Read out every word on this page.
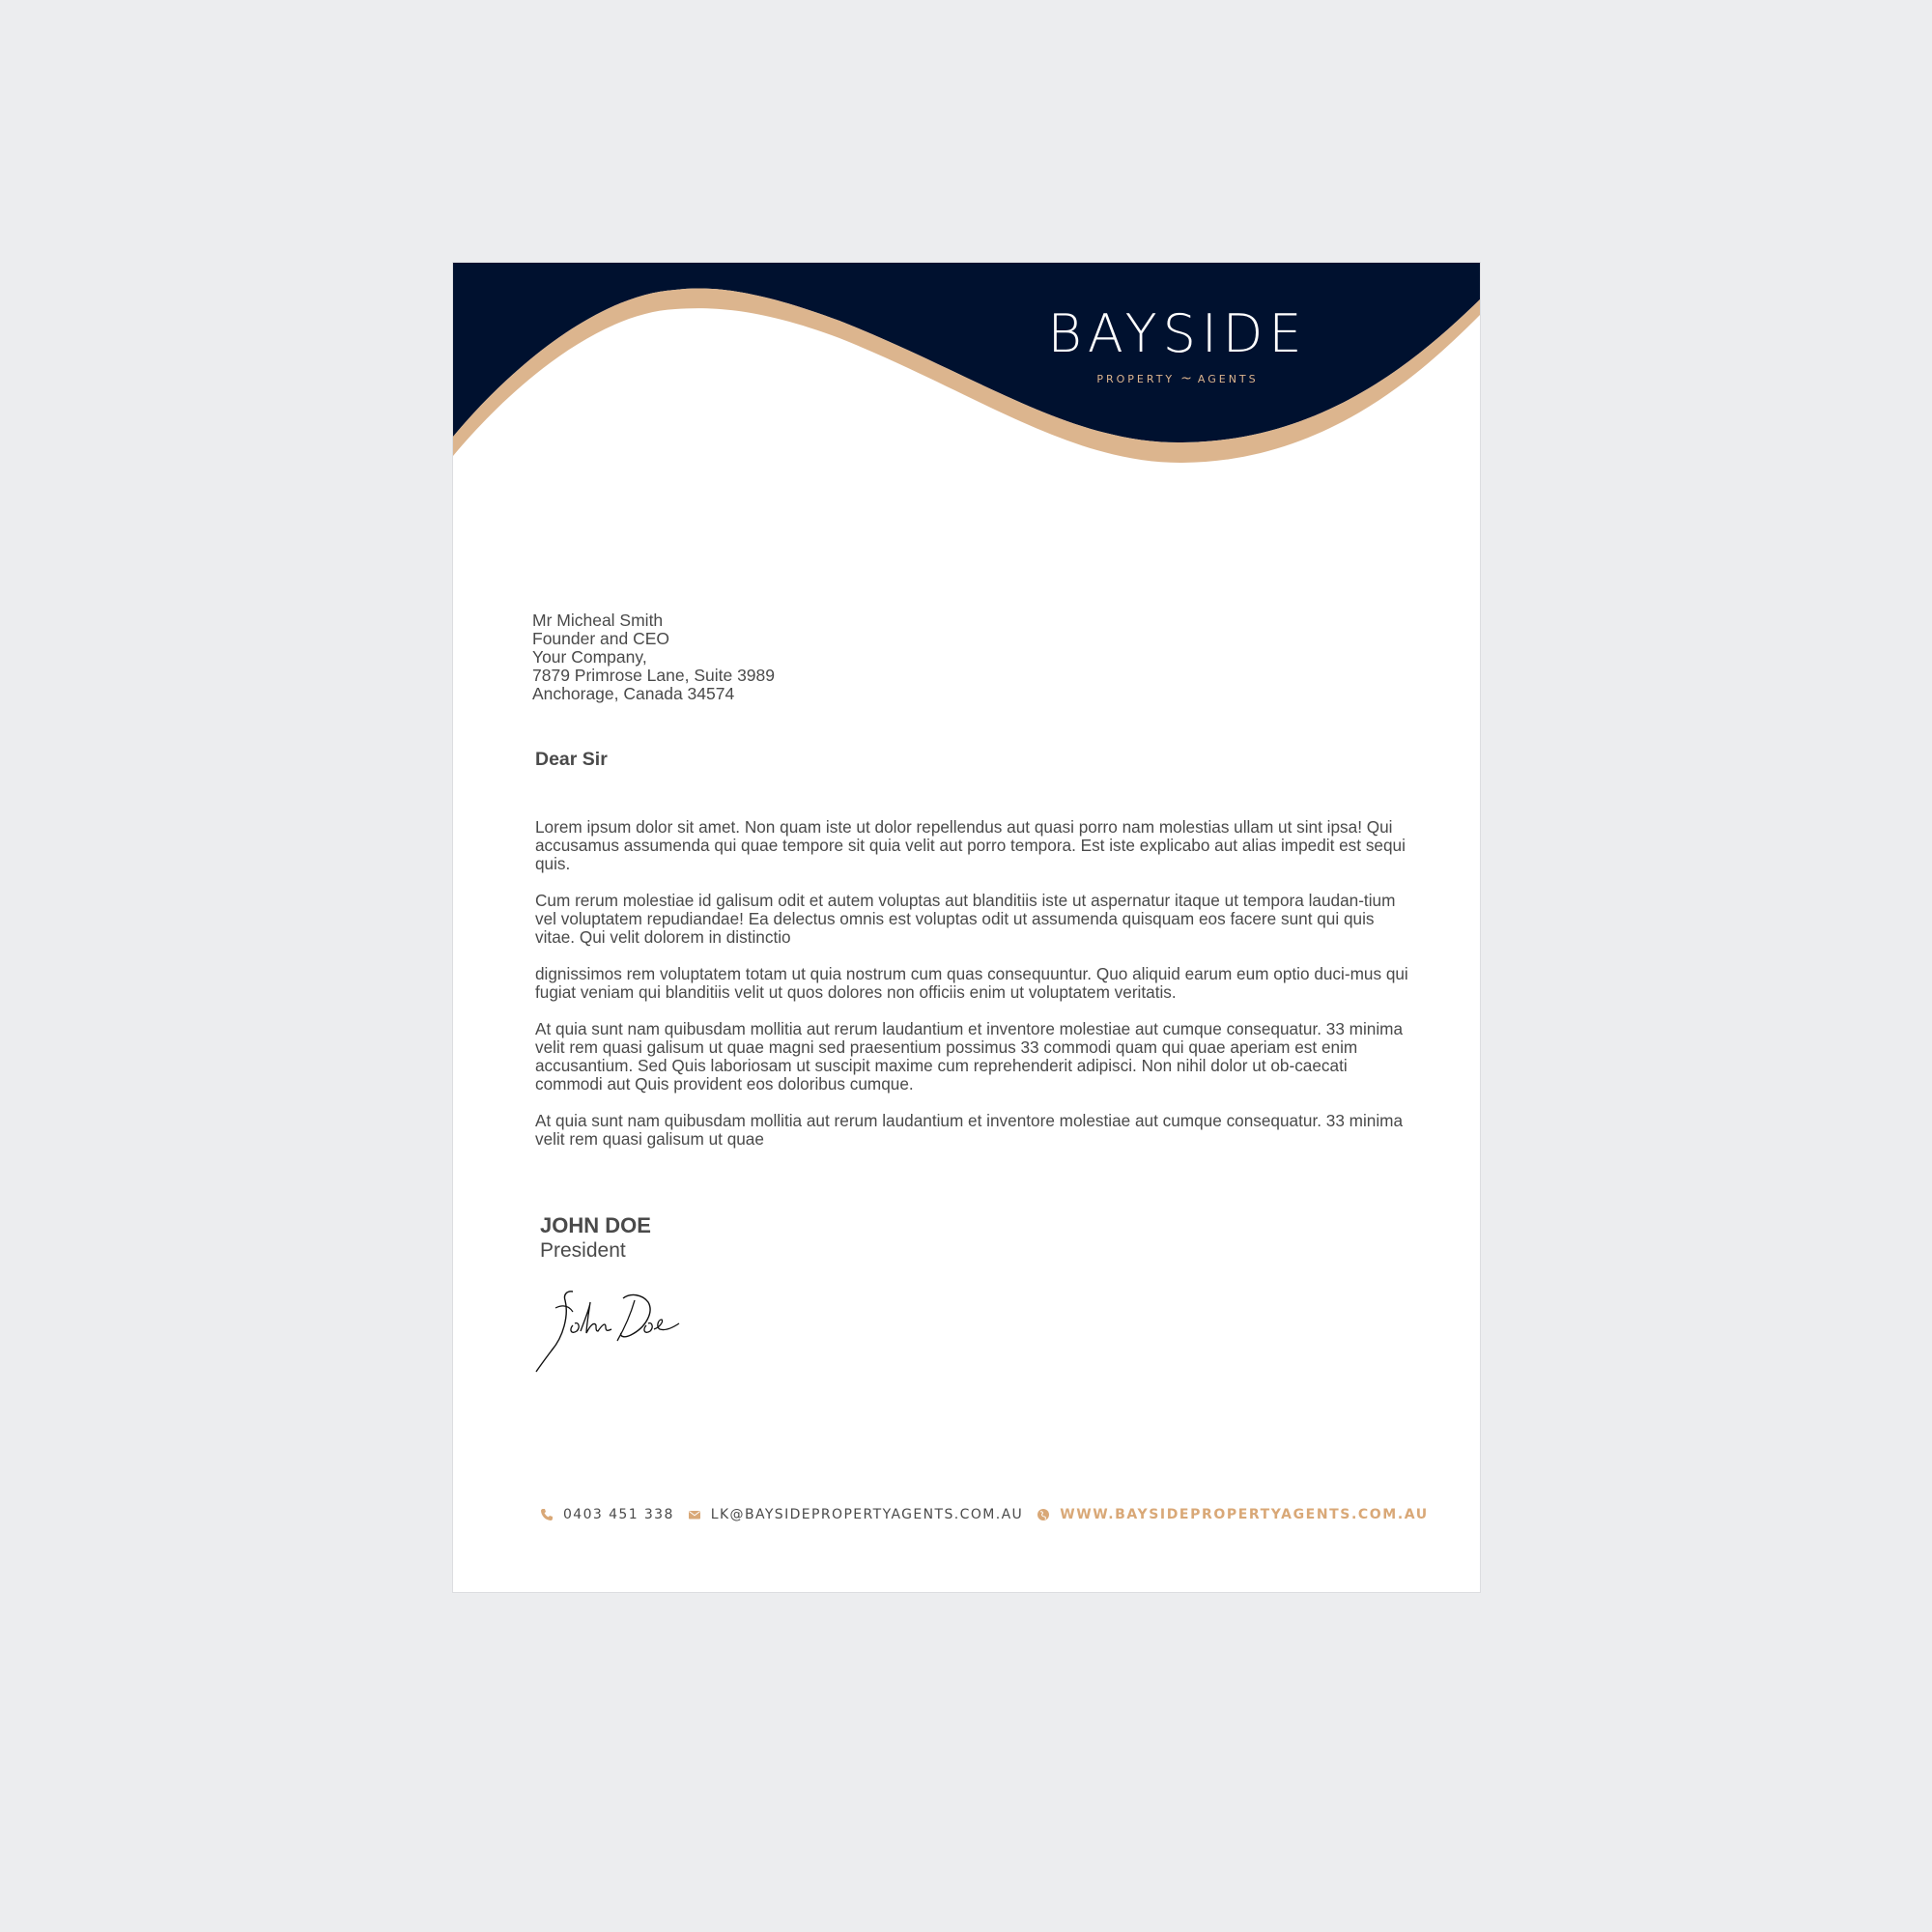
BAYSIDE
PROPERTY ~ AGENTS
Mr Micheal Smith
Founder and CEO
Your Company,
7879 Primrose Lane, Suite 3989
Anchorage, Canada 34574
Dear Sir

Lorem ipsum dolor sit amet. Non quam iste ut dolor repellendus aut quasi porro nam molestias ullam ut sint ipsa! Qui accusamus assumenda qui quae tempore sit quia velit aut porro tempora. Est iste explicabo aut alias impedit est sequi quis.

Cum rerum molestiae id galisum odit et autem voluptas aut blanditiis iste ut aspernatur itaque ut tempora laudan-tium vel voluptatem repudiandae! Ea delectus omnis est voluptas odit ut assumenda quisquam eos facere sunt qui quis vitae. Qui velit dolorem in distinctio

dignissimos rem voluptatem totam ut quia nostrum cum quas consequuntur. Quo aliquid earum eum optio duci-mus qui fugiat veniam qui blanditiis velit ut quos dolores non officiis enim ut voluptatem veritatis.

At quia sunt nam quibusdam mollitia aut rerum laudantium et inventore molestiae aut cumque consequatur. 33 minima velit rem quasi galisum ut quae magni sed praesentium possimus 33 commodi quam qui quae aperiam est enim accusantium. Sed Quis laboriosam ut suscipit maxime cum reprehenderit adipisci. Non nihil dolor ut ob-caecati commodi aut Quis provident eos doloribus cumque.

At quia sunt nam quibusdam mollitia aut rerum laudantium et inventore molestiae aut cumque consequatur. 33 minima velit rem quasi galisum ut quae

JOHN DOE
President
0403 451 338	LK@BAYSIDEPROPERTYAGENTS.COM.AU	WWW.BAYSIDEPROPERTYAGENTS.COM.AU
